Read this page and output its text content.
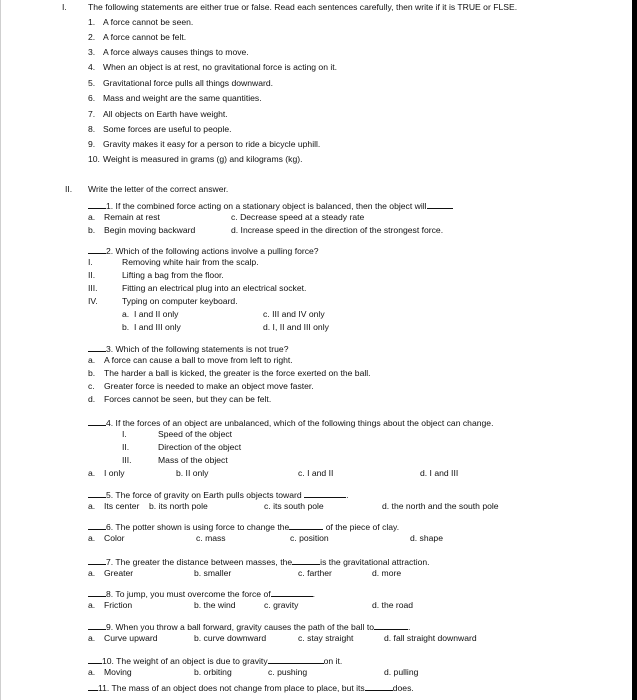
I. The following statements are either true or false. Read each sentences carefully, then write if it is TRUE or FLSE.
1. A force cannot be seen.
2. A force cannot be felt.
3. A force always causes things to move.
4. When an object is at rest, no gravitational force is acting on it.
5. Gravitational force pulls all things downward.
6. Mass and weight are the same quantities.
7. All objects on Earth have weight.
8. Some forces are useful to people.
9. Gravity makes it easy for a person to ride a bicycle uphill.
10. Weight is measured in grams (g) and kilograms (kg).
II. Write the letter of the correct answer.
1. If the combined force acting on a stationary object is balanced, then the object will
a. Remain at rest	c. Decrease speed at a steady rate
b. Begin moving backward	d. Increase speed in the direction of the strongest force.
2. Which of the following actions involve a pulling force?
I.	Removing white hair from the scalp.
II.	Lifting a bag from the floor.
III.	Fitting an electrical plug into an electrical socket.
IV.	Typing on computer keyboard.
a. I and II only	c. III and IV only
b. I and III only	d. I, II and III only
3. Which of the following statements is not true?
a. A force can cause a ball to move from left to right.
b. The harder a ball is kicked, the greater is the force exerted on the ball.
c. Greater force is needed to make an object move faster.
d. Forces cannot be seen, but they can be felt.
4. If the forces of an object are unbalanced, which of the following things about the object can change.
I.	Speed of the object
II.	Direction of the object
III.	Mass of the object
a. I only	b. II only	c. I and II	d. I and III
5. The force of gravity on Earth pulls objects toward	.
a. Its center b. its north pole	c. its south pole	d. the north and the south pole
6. The potter shown is using force to change the	of the piece of clay.
a. Color	c. mass	c. position	d. shape
7. The greater the distance between masses, the	is the gravitational attraction.
a. Greater	b. smaller	c. farther	d. more
8. To jump, you must overcome the force of	.
a. Friction	b. the wind	c. gravity	d. the road
9. When you throw a ball forward, gravity causes the path of the ball to	.
a. Curve upward	b. curve downward	c. stay straight	d. fall straight downward
10. The weight of an object is due to gravity	on it.
a. Moving	b. orbiting	c. pushing	d. pulling
11. The mass of an object does not change from place to place, but its	does.
